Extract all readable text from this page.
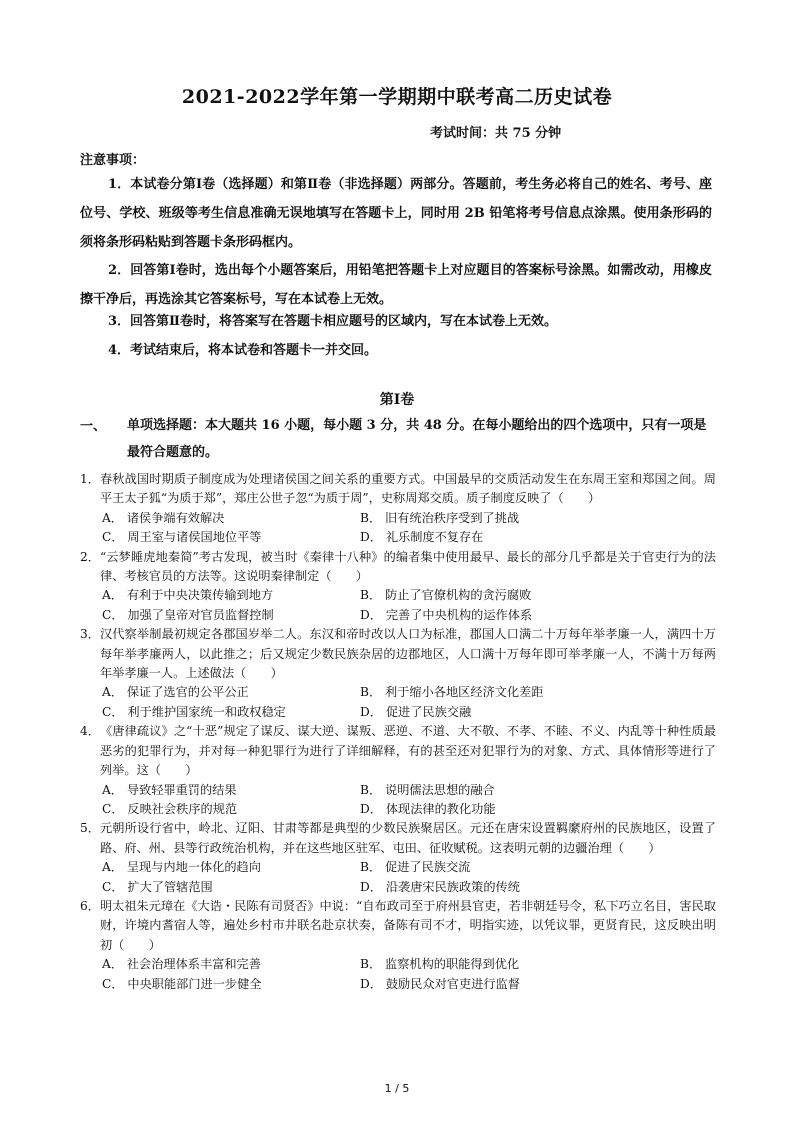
2021-2022学年第一学期期中联考高二历史试卷
考试时间：共 75 分钟
注意事项：

1．本试卷分第Ⅰ卷（选择题）和第Ⅱ卷（非选择题）两部分。答题前，考生务必将自己的姓名、考号、座位号、学校、班级等考生信息准确无误地填写在答题卡上，同时用 2B 铅笔将考号信息点涂黑。使用条形码的须将条形码粘贴到答题卡条形码框内。

2．回答第Ⅰ卷时，选出每个小题答案后，用铅笔把答题卡上对应题目的答案标号涂黑。如需改动，用橡皮擦干净后，再选涂其它答案标号，写在本试卷上无效。

3．回答第Ⅱ卷时，将答案写在答题卡相应题号的区域内，写在本试卷上无效。

4．考试结束后，将本试卷和答题卡一并交回。

第Ⅰ卷
一、 单项选择题：本大题共 16 小题，每小题 3 分，共 48 分。在每小题给出的四个选项中，只有一项是最符合题意的。
1． 春秋战国时期质子制度成为处理诸侯国之间关系的重要方式。中国最早的交质活动发生在东周王室和郑国之间。周平王太子狐“为质于郑”，郑庄公世子忽“为质于周”，史称周郑交质。质子制度反映了（　　）
A． 诸侯争端有效解决	B． 旧有统治秩序受到了挑战
C． 周王室与诸侯国地位平等	D． 礼乐制度不复存在
2． “云梦睡虎地秦简”考古发现，被当时《秦律十八种》的编者集中使用最早、最长的部分几乎都是关于官吏行为的法律、考核官员的方法等。这说明秦律制定（　　）
A． 有利于中央决策传输到地方	B． 防止了官僚机构的贪污腐败
C． 加强了皇帝对官员监督控制	D． 完善了中央机构的运作体系
3． 汉代察举制最初规定各郡国岁举二人。东汉和帝时改以人口为标准，郡国人口满二十万每年举孝廉一人，满四十万每年举孝廉两人，以此推之；后又规定少数民族杂居的边郡地区，人口满十万每年即可举孝廉一人，不满十万每两年举孝廉一人。上述做法（　　）
A． 保证了选官的公平公正	B． 利于缩小各地区经济文化差距
C． 利于维护国家统一和政权稳定	D． 促进了民族交融
4． 《唐律疏议》之“十恶”规定了谋反、谋大逆、谋叛、恶逆、不道、大不敬、不孝、不睦、不义、内乱等十种性质最恶劣的犯罪行为，并对每一种犯罪行为进行了详细解释，有的甚至还对犯罪行为的对象、方式、具体情形等进行了列举。这（　　）
A． 导致轻罪重罚的结果	B． 说明儒法思想的融合
C． 反映社会秩序的规范	D． 体现法律的教化功能
5． 元朝所设行省中，岭北、辽阳、甘肃等都是典型的少数民族聚居区。元还在唐宋设置羁縻府州的民族地区，设置了路、府、州、县等行政统治机构，并在这些地区驻军、屯田、征收赋税。这表明元朝的边疆治理（　　）
A． 呈现与内地一体化的趋向	B． 促进了民族交流
C． 扩大了管辖范围	D． 沿袭唐宋民族政策的传统
6． 明太祖朱元璋在《大诰・民陈有司贤否》中说：“自布政司至于府州县官吏，若非朝廷号令，私下巧立名目，害民取财，许境内耆宿人等，遍处乡村市井联名赴京状奏，备陈有司不才，明指实迹，以凭议罪，更贤育民，这反映出明初（　　）
A． 社会治理体系丰富和完善	B． 监察机构的职能得到优化
C． 中央职能部门进一步健全	D． 鼓励民众对官吏进行监督
1 / 5
